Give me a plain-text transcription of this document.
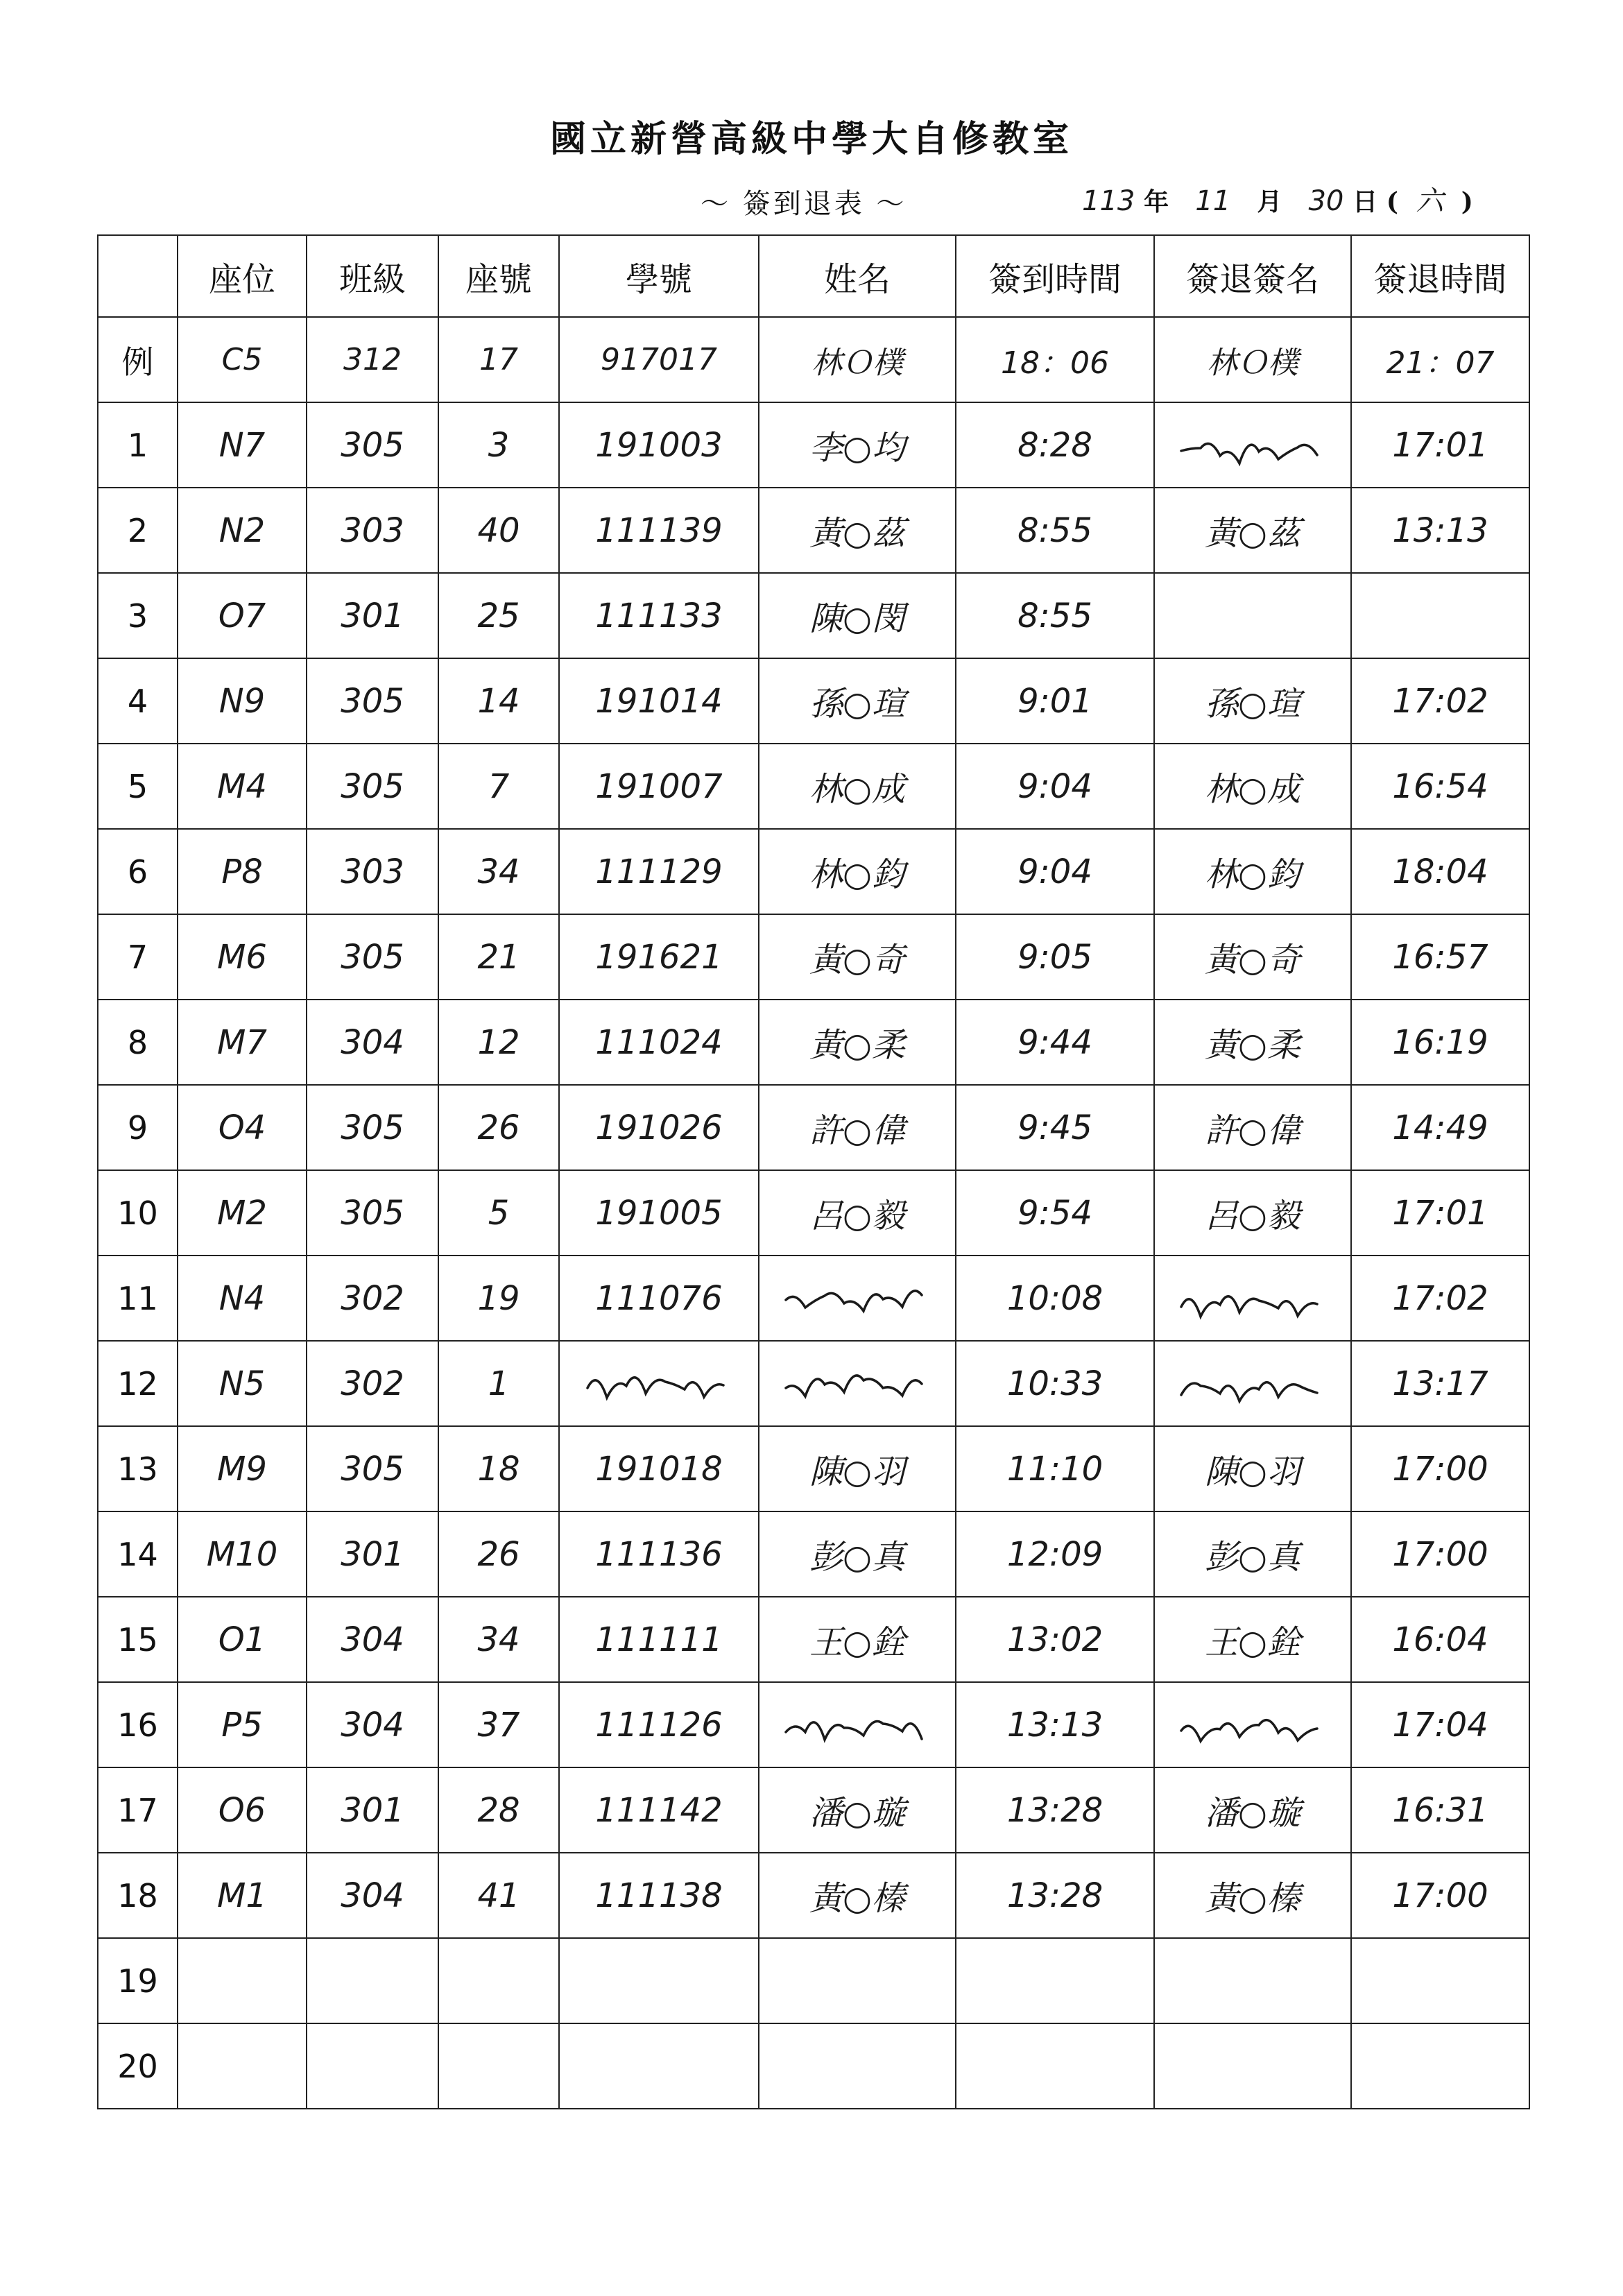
國立新營高級中學大自修教室
～ 簽到退表 ～	113 年 11 月 30 日 ( 六 )
	座位	班級	座號	學號	姓名	簽到時間	簽退簽名	簽退時間
例	C5	312	17	917017	林Ｏ樸	18：06	林Ｏ樸	21：07
1	N7	305	3	191003	李○均	8:28		17:01
2	N2	303	40	111139	黃○茲	8:55	黃○茲	13:13
3	O7	301	25	111133	陳○閔	8:55		
4	N9	305	14	191014	孫○瑄	9:01	孫○瑄	17:02
5	M4	305	7	191007	林○成	9:04	林○成	16:54
6	P8	303	34	111129	林○鈞	9:04	林○鈞	18:04
7	M6	305	21	191621	黃○奇	9:05	黃○奇	16:57
8	M7	304	12	111024	黃○柔	9:44	黃○柔	16:19
9	O4	305	26	191026	許○偉	9:45	許○偉	14:49
10	M2	305	5	191005	呂○毅	9:54	呂○毅	17:01
11	N4	302	19	111076		10:08		17:02
12	N5	302	1			10:33		13:17
13	M9	305	18	191018	陳○羽	11:10	陳○羽	17:00
14	M10	301	26	111136	彭○真	12:09	彭○真	17:00
15	O1	304	34	111111	王○銓	13:02	王○銓	16:04
16	P5	304	37	111126		13:13		17:04
17	O6	301	28	111142	潘○璇	13:28	潘○璇	16:31
18	M1	304	41	111138	黃○榛	13:28	黃○榛	17:00
19								
20								
